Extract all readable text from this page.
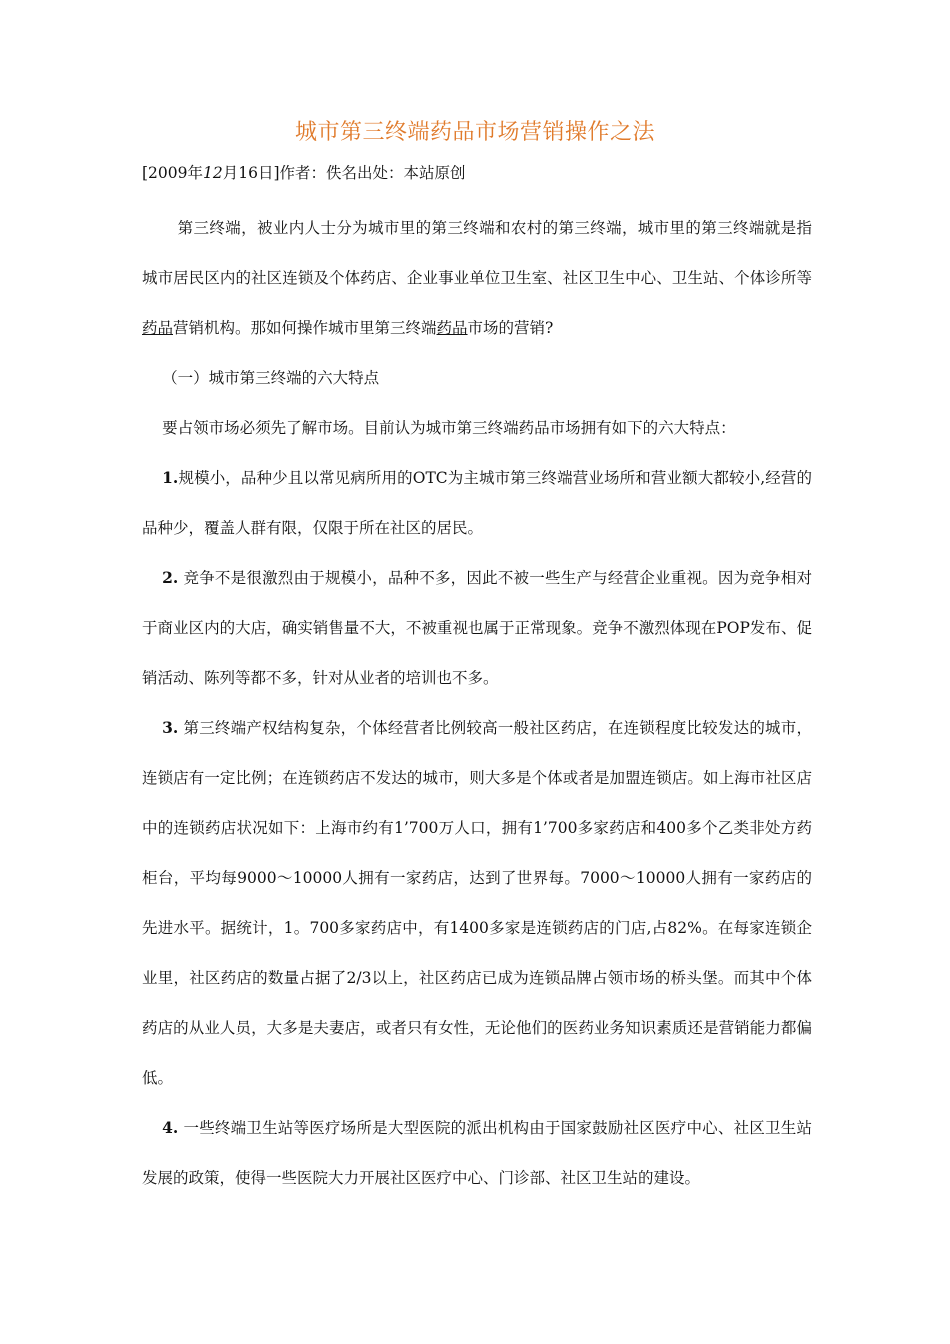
城市第三终端药品市场营销操作之法
[2009年12月16日]作者：佚名出处：本站原创

第三终端，被业内人士分为城市里的第三终端和农村的第三终端，城市里的第三终端就是指城市居民区内的社区连锁及个体药店、企业事业单位卫生室、社区卫生中心、卫生站、个体诊所等药品营销机构。那如何操作城市里第三终端药品市场的营销?

（一）城市第三终端的六大特点

要占领市场必须先了解市场。目前认为城市第三终端药品市场拥有如下的六大特点：

1.规模小，品种少且以常见病所用的OTC为主城市第三终端营业场所和营业额大都较小,经营的品种少，覆盖人群有限，仅限于所在社区的居民。

2. 竞争不是很激烈由于规模小，品种不多，因此不被一些生产与经营企业重视。因为竞争相对于商业区内的大店，确实销售量不大，不被重视也属于正常现象。竞争不激烈体现在POP发布、促销活动、陈列等都不多，针对从业者的培训也不多。

3. 第三终端产权结构复杂，个体经营者比例较高一般社区药店，在连锁程度比较发达的城市，连锁店有一定比例；在连锁药店不发达的城市，则大多是个体或者是加盟连锁店。如上海市社区店中的连锁药店状况如下：上海市约有1’700万人口，拥有1’700多家药店和400多个乙类非处方药柜台，平均每9000～10000人拥有一家药店，达到了世界每。7000～10000人拥有一家药店的先进水平。据统计，1。700多家药店中，有1400多家是连锁药店的门店,占82%。在每家连锁企业里，社区药店的数量占据了2/3以上，社区药店已成为连锁品牌占领市场的桥头堡。而其中个体药店的从业人员，大多是夫妻店，或者只有女性，无论他们的医药业务知识素质还是营销能力都偏低。

4. 一些终端卫生站等医疗场所是大型医院的派出机构由于国家鼓励社区医疗中心、社区卫生站发展的政策，使得一些医院大力开展社区医疗中心、门诊部、社区卫生站的建设。
